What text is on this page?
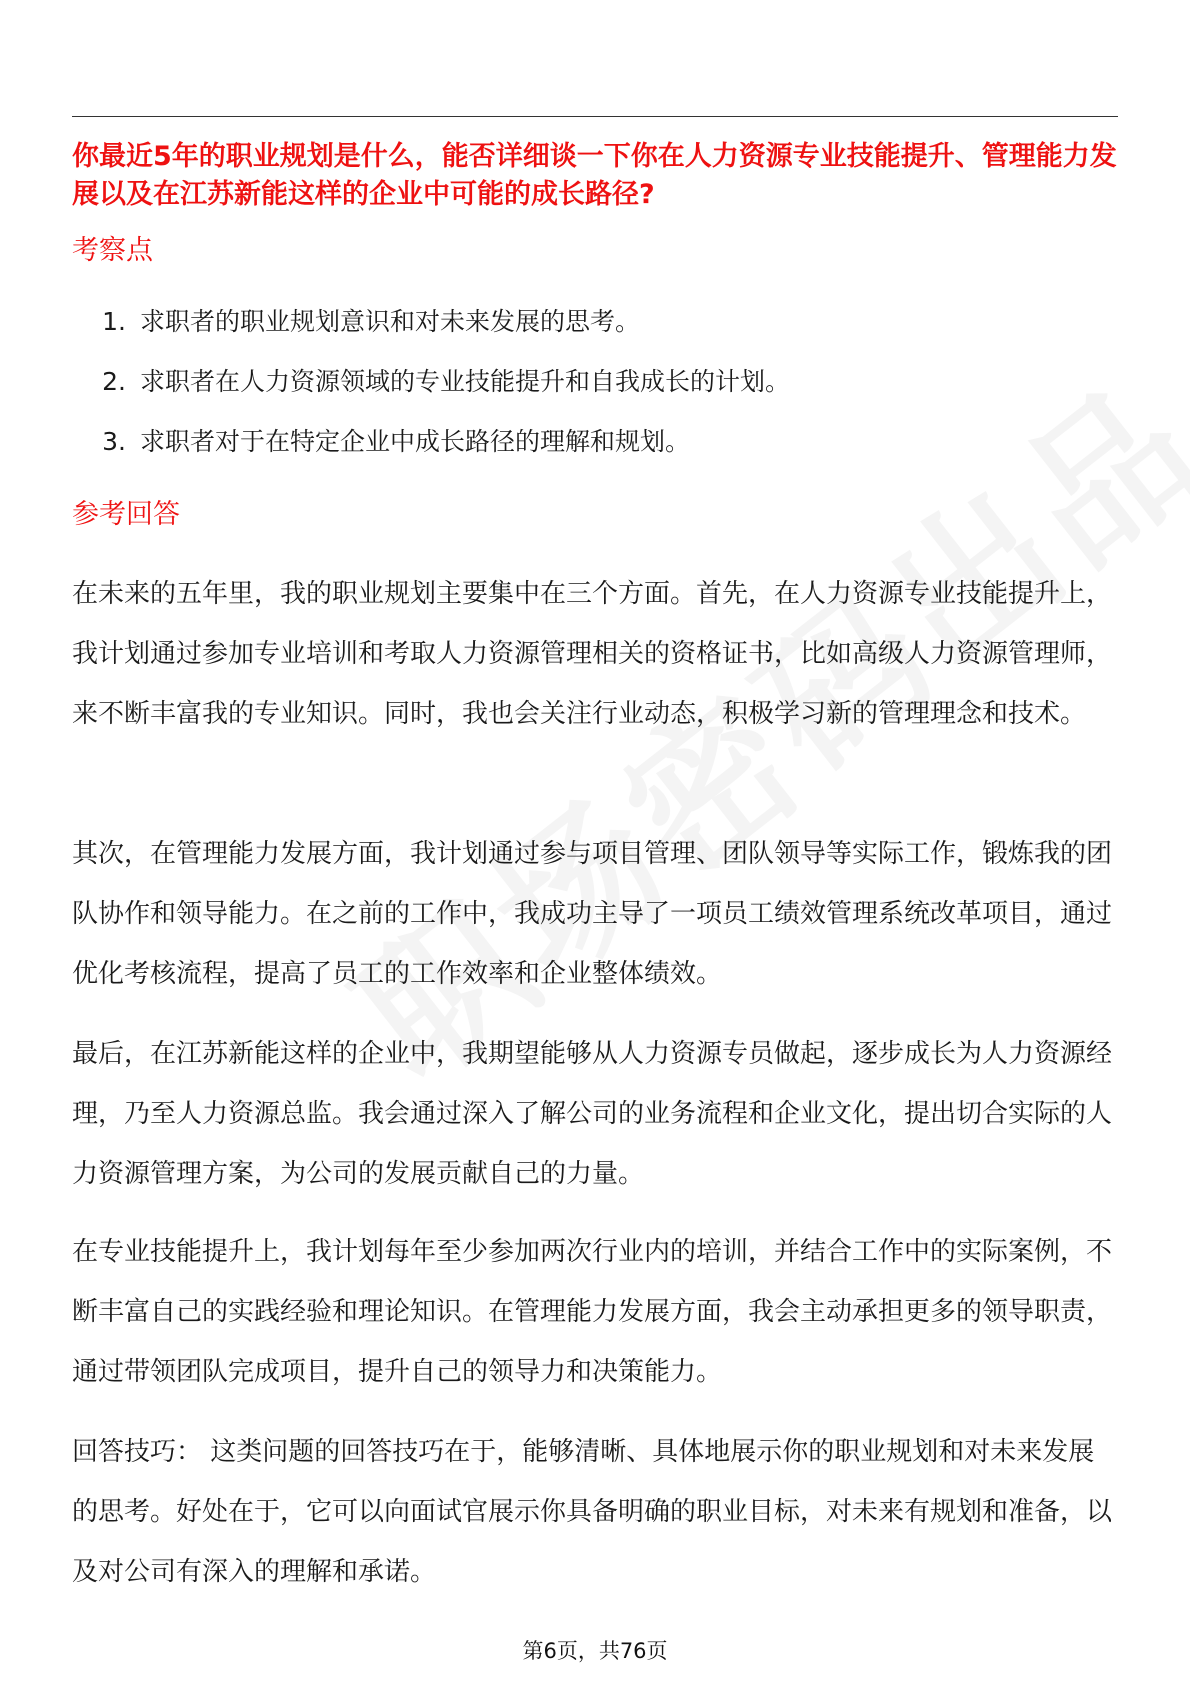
你最近5年的职业规划是什么，能否详细谈一下你在人力资源专业技能提升、管理能力发展以及在江苏新能这样的企业中可能的成长路径?
考察点
1. 求职者的职业规划意识和对未来发展的思考。
2. 求职者在人力资源领域的专业技能提升和自我成长的计划。
3. 求职者对于在特定企业中成长路径的理解和规划。
参考回答

在未来的五年里，我的职业规划主要集中在三个方面。首先，在人力资源专业技能提升上，我计划通过参加专业培训和考取人力资源管理相关的资格证书，比如高级人力资源管理师，来不断丰富我的专业知识。同时，我也会关注行业动态，积极学习新的管理理念和技术。

其次，在管理能力发展方面，我计划通过参与项目管理、团队领导等实际工作，锻炼我的团队协作和领导能力。在之前的工作中，我成功主导了一项员工绩效管理系统改革项目，通过优化考核流程，提高了员工的工作效率和企业整体绩效。

最后，在江苏新能这样的企业中，我期望能够从人力资源专员做起，逐步成长为人力资源经理，乃至人力资源总监。我会通过深入了解公司的业务流程和企业文化，提出切合实际的人力资源管理方案，为公司的发展贡献自己的力量。

在专业技能提升上，我计划每年至少参加两次行业内的培训，并结合工作中的实际案例，不断丰富自己的实践经验和理论知识。在管理能力发展方面，我会主动承担更多的领导职责，通过带领团队完成项目，提升自己的领导力和决策能力。

回答技巧： 这类问题的回答技巧在于，能够清晰、具体地展示你的职业规划和对未来发展的思考。好处在于，它可以向面试官展示你具备明确的职业目标，对未来有规划和准备，以及对公司有深入的理解和承诺。

第6页，共76页
